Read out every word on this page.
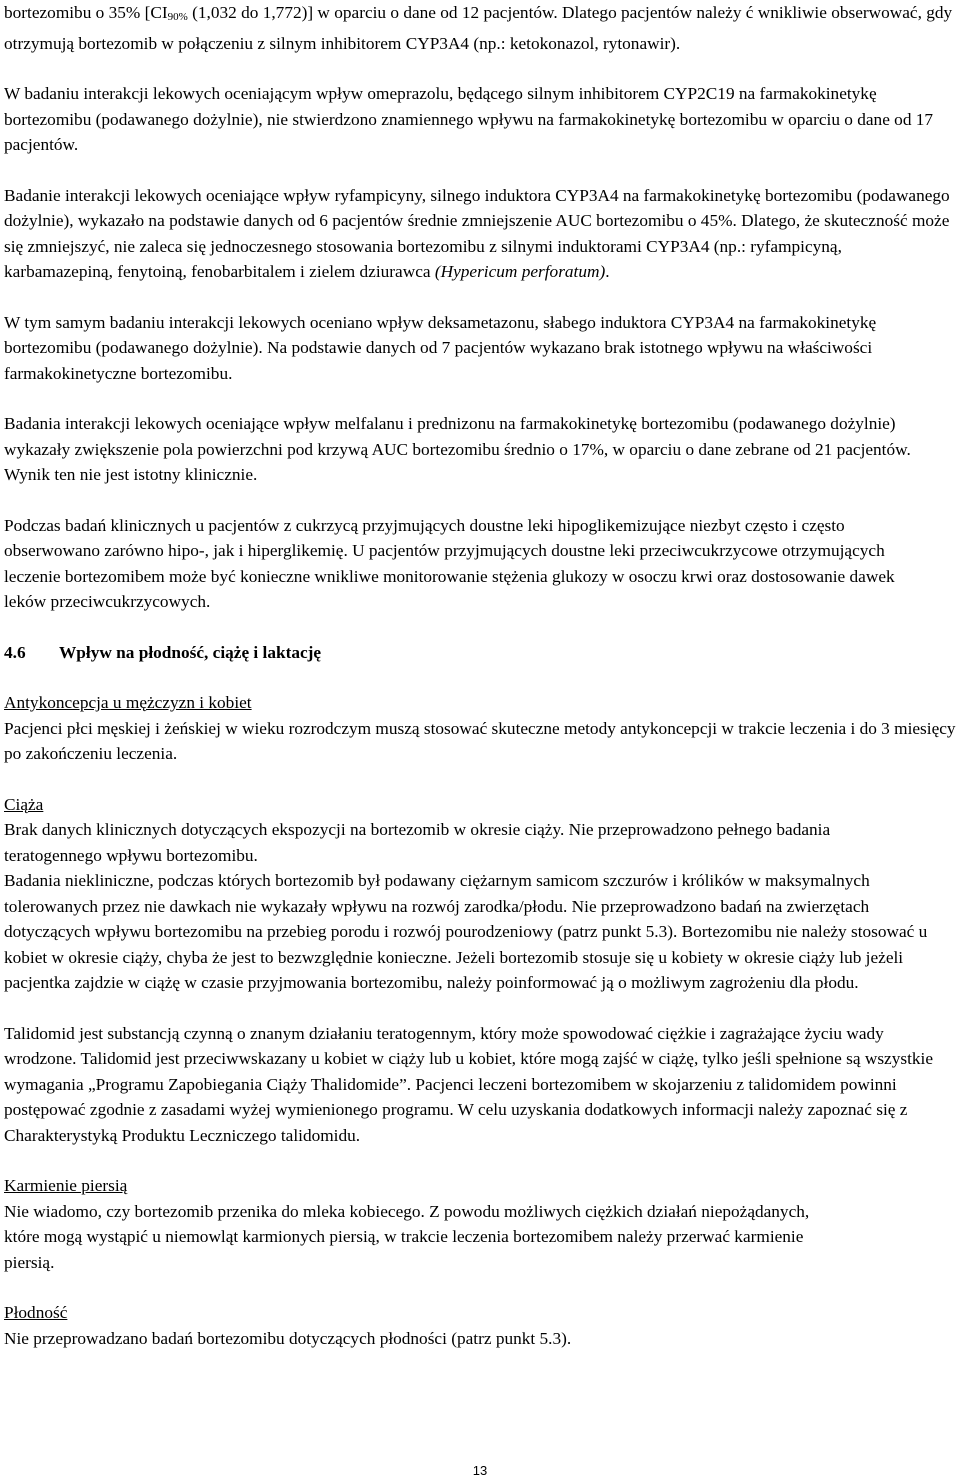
bortezomibu o 35% [CI90% (1,032 do 1,772)] w oparciu o dane od 12 pacjentów. Dlatego pacjentów należy ć wnikliwie obserwować, gdy otrzymują bortezomib w połączeniu z silnym inhibitorem CYP3A4 (np.: ketokonazol, rytonawir).

W badaniu interakcji lekowych oceniającym wpływ omeprazolu, będącego silnym inhibitorem CYP2C19 na farmakokinetykę bortezomibu (podawanego dożylnie), nie stwierdzono znamiennego wpływu na farmakokinetykę bortezomibu w oparciu o dane od 17 pacjentów.

Badanie interakcji lekowych oceniające wpływ ryfampicyny, silnego induktora CYP3A4 na farmakokinetykę bortezomibu (podawanego dożylnie), wykazało na podstawie danych od 6 pacjentów średnie zmniejszenie AUC bortezomibu o 45%. Dlatego, że skuteczność może się zmniejszyć, nie zaleca się jednoczesnego stosowania bortezomibu z silnymi induktorami CYP3A4 (np.: ryfampicyną, karbamazepiną, fenytoiną, fenobarbitalem i zielem dziurawca (Hypericum perforatum).

W tym samym badaniu interakcji lekowych oceniano wpływ deksametazonu, słabego induktora CYP3A4 na farmakokinetykę bortezomibu (podawanego dożylnie). Na podstawie danych od 7 pacjentów wykazano brak istotnego wpływu na właściwości farmakokinetyczne bortezomibu.

Badania interakcji lekowych oceniające wpływ melfalanu i prednizonu na farmakokinetykę bortezomibu (podawanego dożylnie) wykazały zwiększenie pola powierzchni pod krzywą AUC bortezomibu średnio o 17%, w oparciu o dane zebrane od 21 pacjentów. Wynik ten nie jest istotny klinicznie.

Podczas badań klinicznych u pacjentów z cukrzycą przyjmujących doustne leki hipoglikemizujące niezbyt często i często obserwowano zarówno hipo-, jak i hiperglikemię. U pacjentów przyjmujących doustne leki przeciwcukrzycowe otrzymujących leczenie bortezomibem może być konieczne wnikliwe monitorowanie stężenia glukozy w osoczu krwi oraz dostosowanie dawek leków przeciwcukrzycowych.

4.6 Wpływ na płodność, ciążę i laktację

Antykoncepcja u mężczyzn i kobiet

Pacjenci płci męskiej i żeńskiej w wieku rozrodczym muszą stosować skuteczne metody antykoncepcji w trakcie leczenia i do 3 miesięcy po zakończeniu leczenia.

Ciąża

Brak danych klinicznych dotyczących ekspozycji na bortezomib w okresie ciąży. Nie przeprowadzono pełnego badania teratogennego wpływu bortezomibu.

Badania niekliniczne, podczas których bortezomib był podawany ciężarnym samicom szczurów i królików w maksymalnych tolerowanych przez nie dawkach nie wykazały wpływu na rozwój zarodka/płodu. Nie przeprowadzono badań na zwierzętach dotyczących wpływu bortezomibu na przebieg porodu i rozwój pourodzeniowy (patrz punkt 5.3). Bortezomibu nie należy stosować u kobiet w okresie ciąży, chyba że jest to bezwzględnie konieczne. Jeżeli bortezomib stosuje się u kobiety w okresie ciąży lub jeżeli pacjentka zajdzie w ciążę w czasie przyjmowania bortezomibu, należy poinformować ją o możliwym zagrożeniu dla płodu.

Talidomid jest substancją czynną o znanym działaniu teratogennym, który może spowodować ciężkie i zagrażające życiu wady wrodzone. Talidomid jest przeciwwskazany u kobiet w ciąży lub u kobiet, które mogą zajść w ciążę, tylko jeśli spełnione są wszystkie wymagania „Programu Zapobiegania Ciąży Thalidomide”. Pacjenci leczeni bortezomibem w skojarzeniu z talidomidem powinni postępować zgodnie z zasadami wyżej wymienionego programu. W celu uzyskania dodatkowych informacji należy zapoznać się z Charakterystyką Produktu Leczniczego talidomidu.

Karmienie piersią

Nie wiadomo, czy bortezomib przenika do mleka kobiecego. Z powodu możliwych ciężkich działań niepożądanych, które mogą wystąpić u niemowląt karmionych piersią, w trakcie leczenia bortezomibem należy przerwać karmienie piersią.

Płodność

Nie przeprowadzano badań bortezomibu dotyczących płodności (patrz punkt 5.3).

13
